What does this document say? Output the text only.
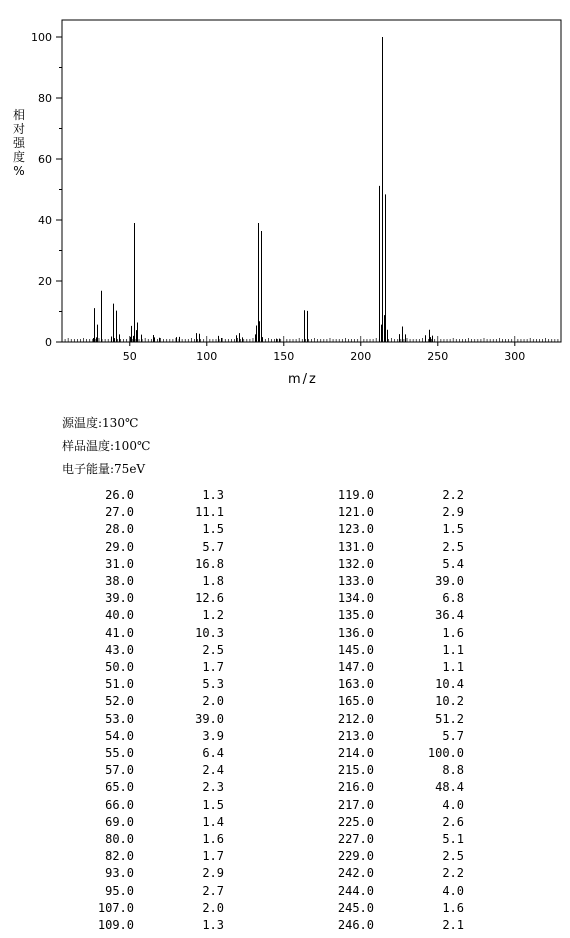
0
20
40
60
80
100
50	100	150	200	250	300
相
对
强
度
%
m/z
源温度:130℃
样品温度:100℃
电子能量:75eV
26.0	1.3	119.0	2.2
27.0	11.1	121.0	2.9
28.0	1.5	123.0	1.5
29.0	5.7	131.0	2.5
31.0	16.8	132.0	5.4
38.0	1.8	133.0	39.0
39.0	12.6	134.0	6.8
40.0	1.2	135.0	36.4
41.0	10.3	136.0	1.6
43.0	2.5	145.0	1.1
50.0	1.7	147.0	1.1
51.0	5.3	163.0	10.4
52.0	2.0	165.0	10.2
53.0	39.0	212.0	51.2
54.0	3.9	213.0	5.7
55.0	6.4	214.0	100.0
57.0	2.4	215.0	8.8
65.0	2.3	216.0	48.4
66.0	1.5	217.0	4.0
69.0	1.4	225.0	2.6
80.0	1.6	227.0	5.1
82.0	1.7	229.0	2.5
93.0	2.9	242.0	2.2
95.0	2.7	244.0	4.0
107.0	2.0	245.0	1.6
109.0	1.3	246.0	2.1
